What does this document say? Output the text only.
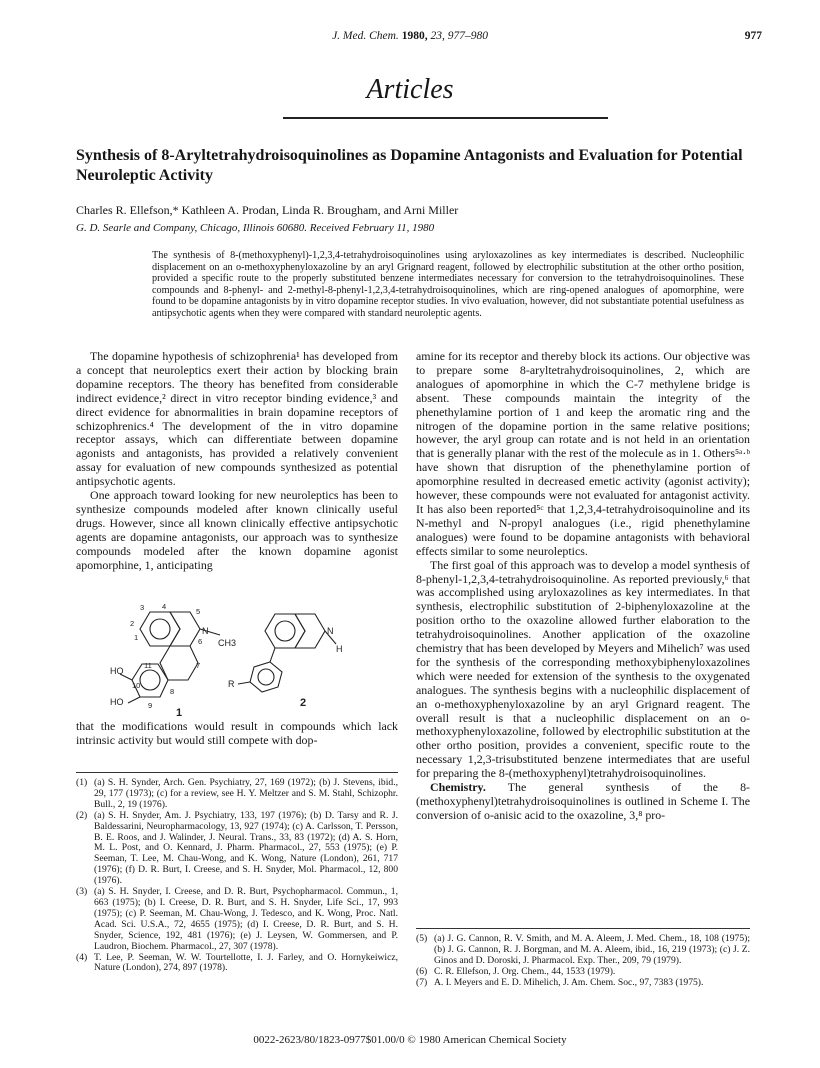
J. Med. Chem. 1980, 23, 977–980	977
Articles
Synthesis of 8-Aryltetrahydroisoquinolines as Dopamine Antagonists and Evaluation for Potential Neuroleptic Activity
Charles R. Ellefson,* Kathleen A. Prodan, Linda R. Brougham, and Arni Miller
G. D. Searle and Company, Chicago, Illinois 60680. Received February 11, 1980
The synthesis of 8-(methoxyphenyl)-1,2,3,4-tetrahydroisoquinolines using aryloxazolines as key intermediates is described. Nucleophilic displacement on an o-methoxyphenyloxazoline by an aryl Grignard reagent, followed by electrophilic substitution at the other ortho position, provided a specific route to the properly substituted benzene intermediates necessary for conversion to the tetrahydroisoquinolines. These compounds and 8-phenyl- and 2-methyl-8-phenyl-1,2,3,4-tetrahydroisoquinolines, which are ring-opened analogues of apomorphine, were found to be dopamine antagonists by in vitro dopamine receptor studies. In vivo evaluation, however, did not substantiate potential usefulness as antipsychotic agents when they were compared with standard neuroleptic agents.

The dopamine hypothesis of schizophrenia¹ has developed from a concept that neuroleptics exert their action by blocking brain dopamine receptors. The theory has benefited from considerable indirect evidence,² direct in vitro receptor binding evidence,³ and direct evidence for abnormalities in brain dopamine receptors of schizophrenics.⁴ The development of the in vitro dopamine receptor assays, which can differentiate between dopamine agonists and antagonists, has provided a relatively convenient assay for evaluation of new compounds synthesized as potential antipsychotic agents.

One approach toward looking for new neuroleptics has been to synthesize compounds modeled after known clinically useful drugs. However, since all known clinically effective antipsychotic agents are dopamine antagonists, our approach was to synthesize compounds modeled after the known dopamine agonist apomorphine, 1, anticipating

4
3	5
2
1	6
7
11
10
9
8
N
CH3
HO
HO
N
H
R
1
2

that the modifications would result in compounds which lack intrinsic activity but would still compete with dop-

(1) (a) S. H. Synder, Arch. Gen. Psychiatry, 27, 169 (1972); (b) J. Stevens, ibid., 29, 177 (1973); (c) for a review, see H. Y. Meltzer and S. M. Stahl, Schizophr. Bull., 2, 19 (1976).
(2) (a) S. H. Snyder, Am. J. Psychiatry, 133, 197 (1976); (b) D. Tarsy and R. J. Baldessarini, Neuropharmacology, 13, 927 (1974); (c) A. Carlsson, T. Persson, B. E. Roos, and J. Walinder, J. Neural. Trans., 33, 83 (1972); (d) A. S. Horn, M. L. Post, and O. Kennard, J. Pharm. Pharmacol., 27, 553 (1975); (e) P. Seeman, T. Lee, M. Chau-Wong, and K. Wong, Nature (London), 261, 717 (1976); (f) D. R. Burt, I. Creese, and S. H. Snyder, Mol. Pharmacol., 12, 800 (1976).
(3) (a) S. H. Snyder, I. Creese, and D. R. Burt, Psychopharmacol. Commun., 1, 663 (1975); (b) I. Creese, D. R. Burt, and S. H. Snyder, Life Sci., 17, 993 (1975); (c) P. Seeman, M. Chau-Wong, J. Tedesco, and K. Wong, Proc. Natl. Acad. Sci. U.S.A., 72, 4655 (1975); (d) I. Creese, D. R. Burt, and S. H. Snyder, Science, 192, 481 (1976); (e) J. Leysen, W. Gommersen, and P. Laudron, Biochem. Pharmacol., 27, 307 (1978).
(4) T. Lee, P. Seeman, W. W. Tourtellotte, I. J. Farley, and O. Hornykeiwicz, Nature (London), 274, 897 (1978).

amine for its receptor and thereby block its actions. Our objective was to prepare some 8-aryltetrahydroisoquinolines, 2, which are analogues of apomorphine in which the C-7 methylene bridge is absent. These compounds maintain the integrity of the phenethylamine portion of 1 and keep the aromatic ring and the nitrogen of the dopamine portion in the same relative positions; however, the aryl group can rotate and is not held in an orientation that is generally planar with the rest of the molecule as in 1. Others⁵ᵃ·ᵇ have shown that disruption of the phenethylamine portion of apomorphine resulted in decreased emetic activity (agonist activity); however, these compounds were not evaluated for antagonist activity. It has also been reported⁵ᶜ that 1,2,3,4-tetrahydroisoquinoline and its N-methyl and N-propyl analogues (i.e., rigid phenethylamine analogues) were found to be dopamine antagonists with behavioral effects similar to some neuroleptics.

The first goal of this approach was to develop a model synthesis of 8-phenyl-1,2,3,4-tetrahydroisoquinoline. As reported previously,⁶ that was accomplished using aryloxazolines as key intermediates. In that synthesis, electrophilic substitution of 2-biphenyloxazoline at the position ortho to the oxazoline allowed further elaboration to the tetrahydroisoquinolines. Another application of the oxazoline chemistry that has been developed by Meyers and Mihelich⁷ was used for the synthesis of the corresponding methoxybiphenyloxazolines which were needed for extension of the synthesis to the oxygenated analogues. The synthesis begins with a nucleophilic displacement of an o-methoxyphenyloxazoline by an aryl Grignard reagent. The overall result is that a nucleophilic displacement on an o-methoxyphenyloxazoline, followed by electrophilic substitution at the other ortho position, provides a convenient, specific route to the necessary 1,2,3-trisubstituted benzene intermediates that are useful for preparing the 8-(methoxyphenyl)tetrahydroisoquinolines.

Chemistry. The general synthesis of the 8-(methoxyphenyl)tetrahydroisoquinolines is outlined in Scheme I. The conversion of o-anisic acid to the oxazoline, 3,⁸ pro-

(5) (a) J. G. Cannon, R. V. Smith, and M. A. Aleem, J. Med. Chem., 18, 108 (1975); (b) J. G. Cannon, R. J. Borgman, and M. A. Aleem, ibid., 16, 219 (1973); (c) J. Z. Ginos and D. Doroski, J. Pharmacol. Exp. Ther., 209, 79 (1979).
(6) C. R. Ellefson, J. Org. Chem., 44, 1533 (1979).
(7) A. I. Meyers and E. D. Mihelich, J. Am. Chem. Soc., 97, 7383 (1975).
0022-2623/80/1823-0977$01.00/0 © 1980 American Chemical Society
